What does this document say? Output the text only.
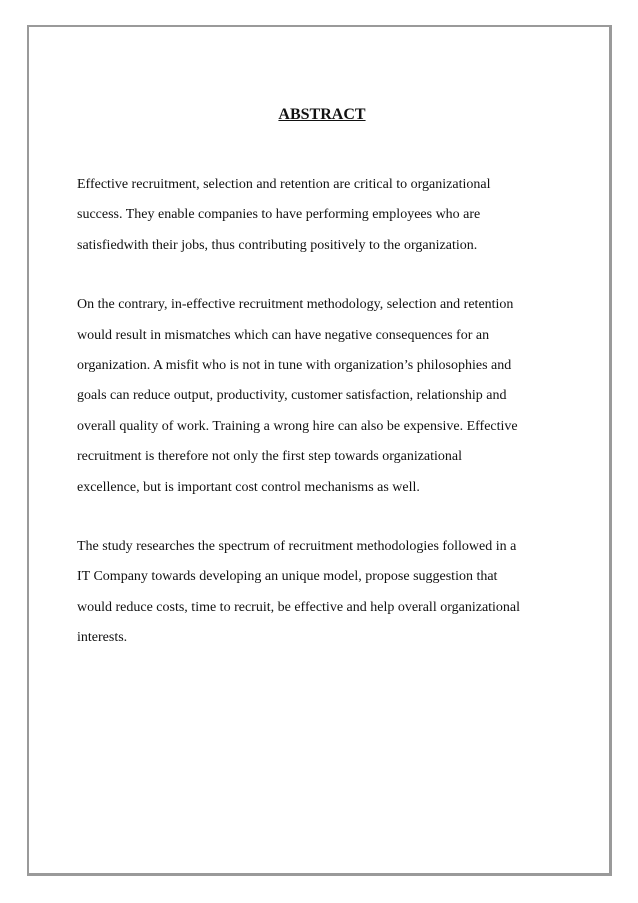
ABSTRACT
Effective recruitment, selection and retention are critical to organizational
success. They enable companies to have performing employees who are
satisfiedwith their jobs, thus contributing positively to the organization.
On the contrary, in-effective recruitment methodology, selection and retention
would result in mismatches which can have negative consequences for an
organization. A misfit who is not in tune with organization’s philosophies and
goals can reduce output, productivity, customer satisfaction, relationship and
overall quality of work. Training a wrong hire can also be expensive. Effective
recruitment is therefore not only the first step towards organizational
excellence, but is important cost control mechanisms as well.
The study researches the spectrum of recruitment methodologies followed in a
IT Company towards developing an unique model, propose suggestion that
would reduce costs, time to recruit, be effective and help overall organizational
interests.
